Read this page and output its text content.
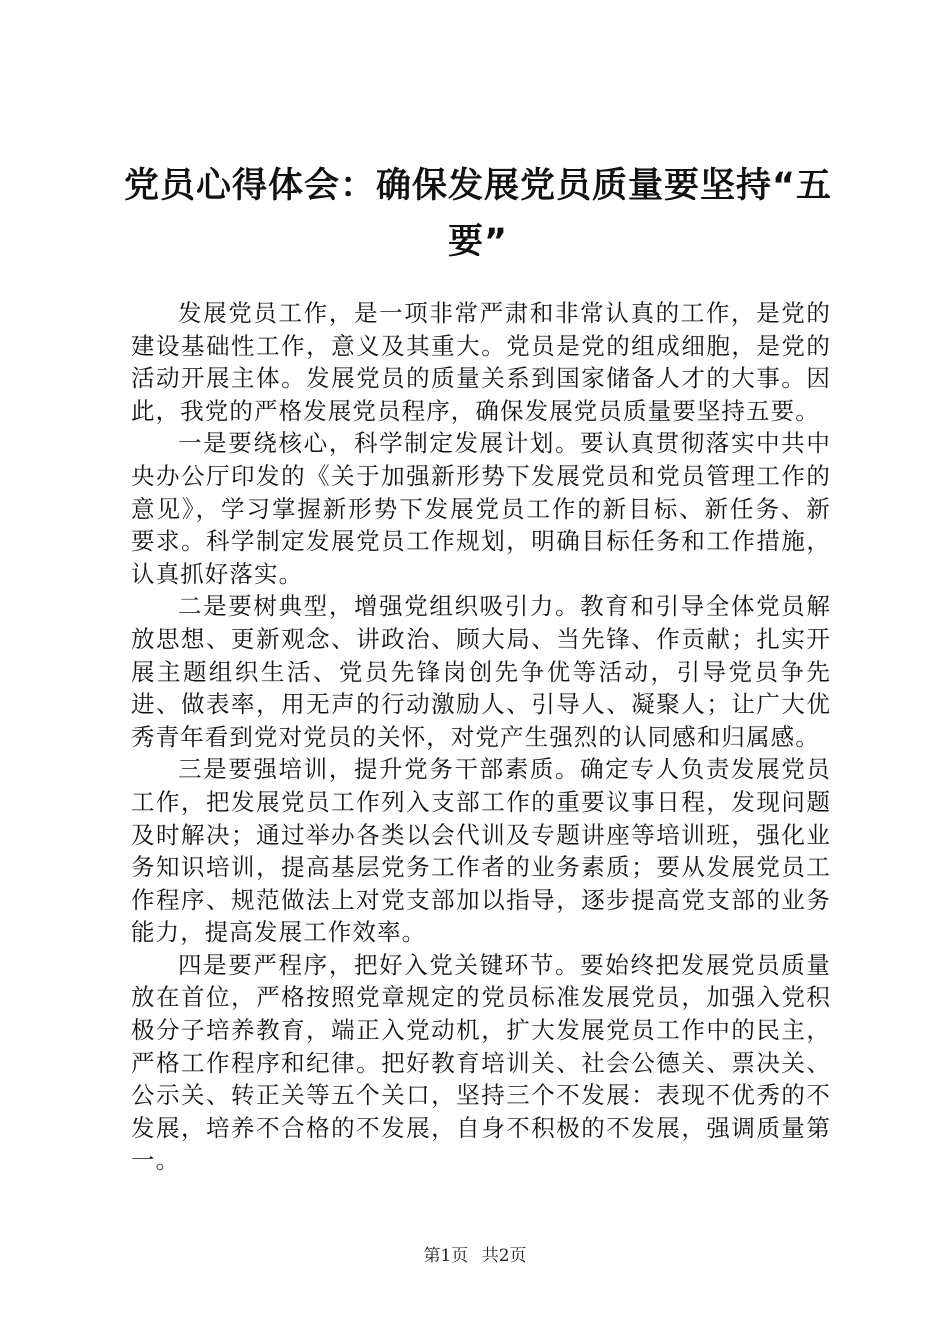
党员心得体会：确保发展党员质量要坚持“五要”

发展党员工作，是一项非常严肃和非常认真的工作，是党的建设基础性工作，意义及其重大。党员是党的组成细胞，是党的活动开展主体。发展党员的质量关系到国家储备人才的大事。因此，我党的严格发展党员程序，确保发展党员质量要坚持五要。

一是要绕核心，科学制定发展计划。要认真贯彻落实中共中央办公厅印发的《关于加强新形势下发展党员和党员管理工作的意见》，学习掌握新形势下发展党员工作的新目标、新任务、新要求。科学制定发展党员工作规划，明确目标任务和工作措施，认真抓好落实。

二是要树典型，增强党组织吸引力。教育和引导全体党员解放思想、更新观念、讲政治、顾大局、当先锋、作贡献；扎实开展主题组织生活、党员先锋岗创先争优等活动，引导党员争先进、做表率，用无声的行动激励人、引导人、凝聚人；让广大优秀青年看到党对党员的关怀，对党产生强烈的认同感和归属感。

三是要强培训，提升党务干部素质。确定专人负责发展党员工作，把发展党员工作列入支部工作的重要议事日程，发现问题及时解决；通过举办各类以会代训及专题讲座等培训班，强化业务知识培训，提高基层党务工作者的业务素质；要从发展党员工作程序、规范做法上对党支部加以指导，逐步提高党支部的业务能力，提高发展工作效率。

四是要严程序，把好入党关键环节。要始终把发展党员质量放在首位，严格按照党章规定的党员标准发展党员，加强入党积极分子培养教育，端正入党动机，扩大发展党员工作中的民主，严格工作程序和纪律。把好教育培训关、社会公德关、票决关、公示关、转正关等五个关口，坚持三个不发展：表现不优秀的不发展，培养不合格的不发展，自身不积极的不发展，强调质量第一。

第1页 共2页
